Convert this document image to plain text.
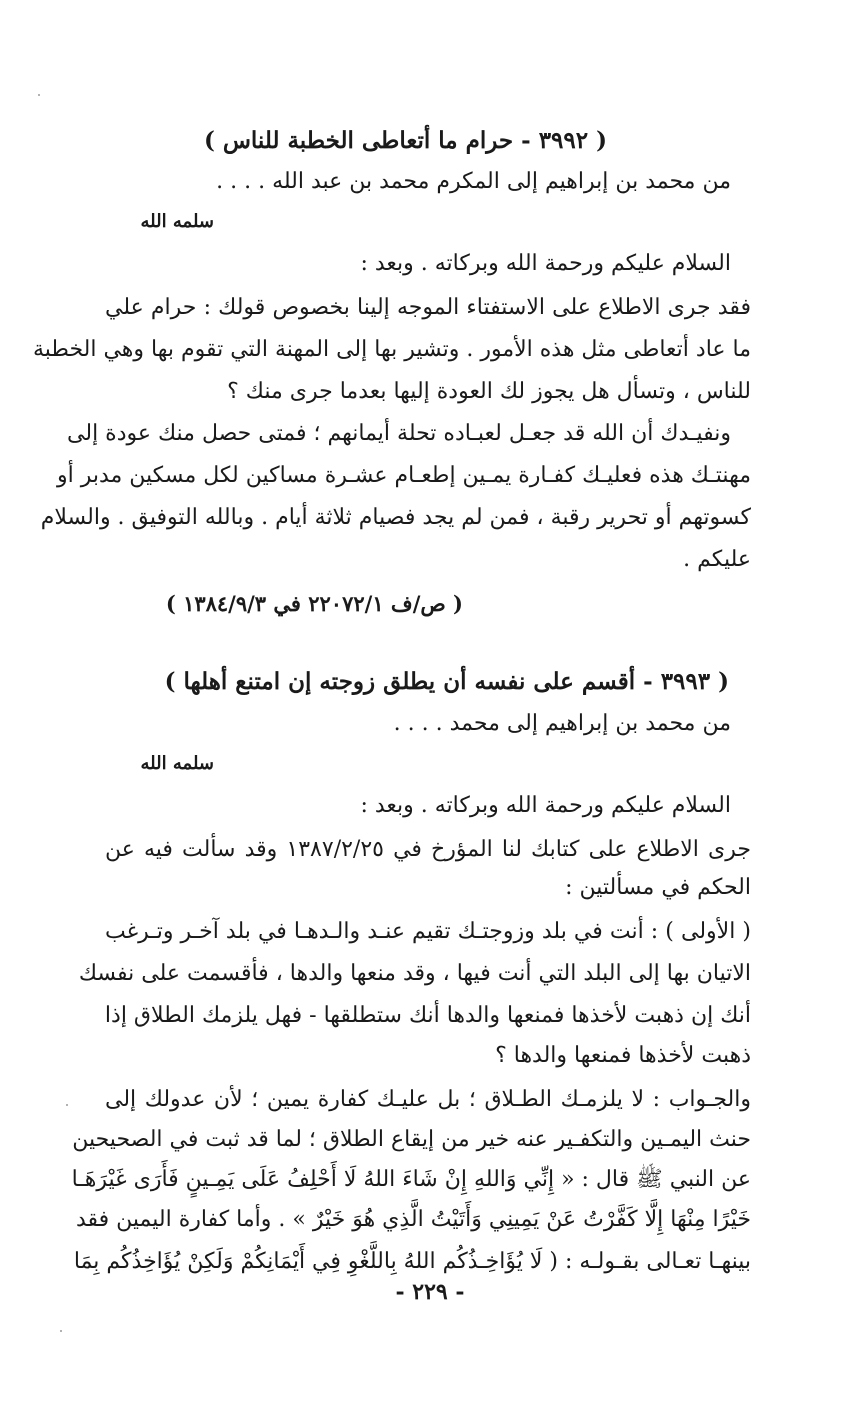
( ٣٩٩٢ - حرام ما أتعاطى الخطبة للناس )
من محمد بن إبراهيم إلى المكرم محمد بن عبد الله . . . .
سلمه الله
السلام عليكم ورحمة الله وبركاته . وبعد :
فقد جرى الاطلاع على الاستفتاء الموجه إلينا بخصوص قولك : حرام علي
ما عاد أتعاطى مثل هذه الأمور . وتشير بها إلى المهنة التي تقوم بها وهي الخطبة
للناس ، وتسأل هل يجوز لك العودة إليها بعدما جرى منك ؟
ونفيـدك أن الله قد جعـل لعبـاده تحلة أيمانهم ؛ فمتى حصل منك عودة إلى
مهنتـك هذه فعليـك كفـارة يمـين إطعـام عشـرة مساكين لكل مسكين مدبر أو
كسوتهم أو تحرير رقبة ، فمن لم يجد فصيام ثلاثة أيام . وبالله التوفيق . والسلام
عليكم .
( ص/ف ٢٢٠٧٢/١ في ١٣٨٤/٩/٣ )
( ٣٩٩٣ - أقسم على نفسه أن يطلق زوجته إن امتنع أهلها )
من محمد بن إبراهيم إلى محمد . . . .
سلمه الله
السلام عليكم ورحمة الله وبركاته . وبعد :
جرى الاطلاع على كتابك لنا المؤرخ في ١٣٨٧/٢/٢٥ وقد سألت فيه عن
الحكم في مسألتين :
( الأولى ) : أنت في بلد وزوجتـك تقيم عنـد والـدهـا في بلد آخـر وتـرغب
الاتيان بها إلى البلد التي أنت فيها ، وقد منعها والدها ، فأقسمت على نفسك
أنك إن ذهبت لأخذها فمنعها والدها أنك ستطلقها - فهل يلزمك الطلاق إذا
ذهبت لأخذها فمنعها والدها ؟
والجـواب : لا يلزمـك الطـلاق ؛ بل عليـك كفارة يمين ؛ لأن عدولك إلى
حنث اليمـين والتكفـير عنه خير من إيقاع الطلاق ؛ لما قد ثبت في الصحيحين
عن النبي ﷺ قال : « إِنِّي وَاللهِ إِنْ شَاءَ اللهُ لَا أَحْلِفُ عَلَى يَمِـينٍ فَأَرَى غَيْرَهَـا
خَيْرًا مِنْهَا إِلَّا كَفَّرْتُ عَنْ يَمِينِي وَأَتَيْتُ الَّذِي هُوَ خَيْرٌ » . وأما كفارة اليمين فقد
بينهـا تعـالى بقـولـه : ( لَا يُؤَاخِـذُكُم اللهُ بِاللَّغْوِ فِي أَيْمَانِكُمْ وَلَكِنْ يُؤَاخِذُكُم بِمَا
- ٢٢٩ -
